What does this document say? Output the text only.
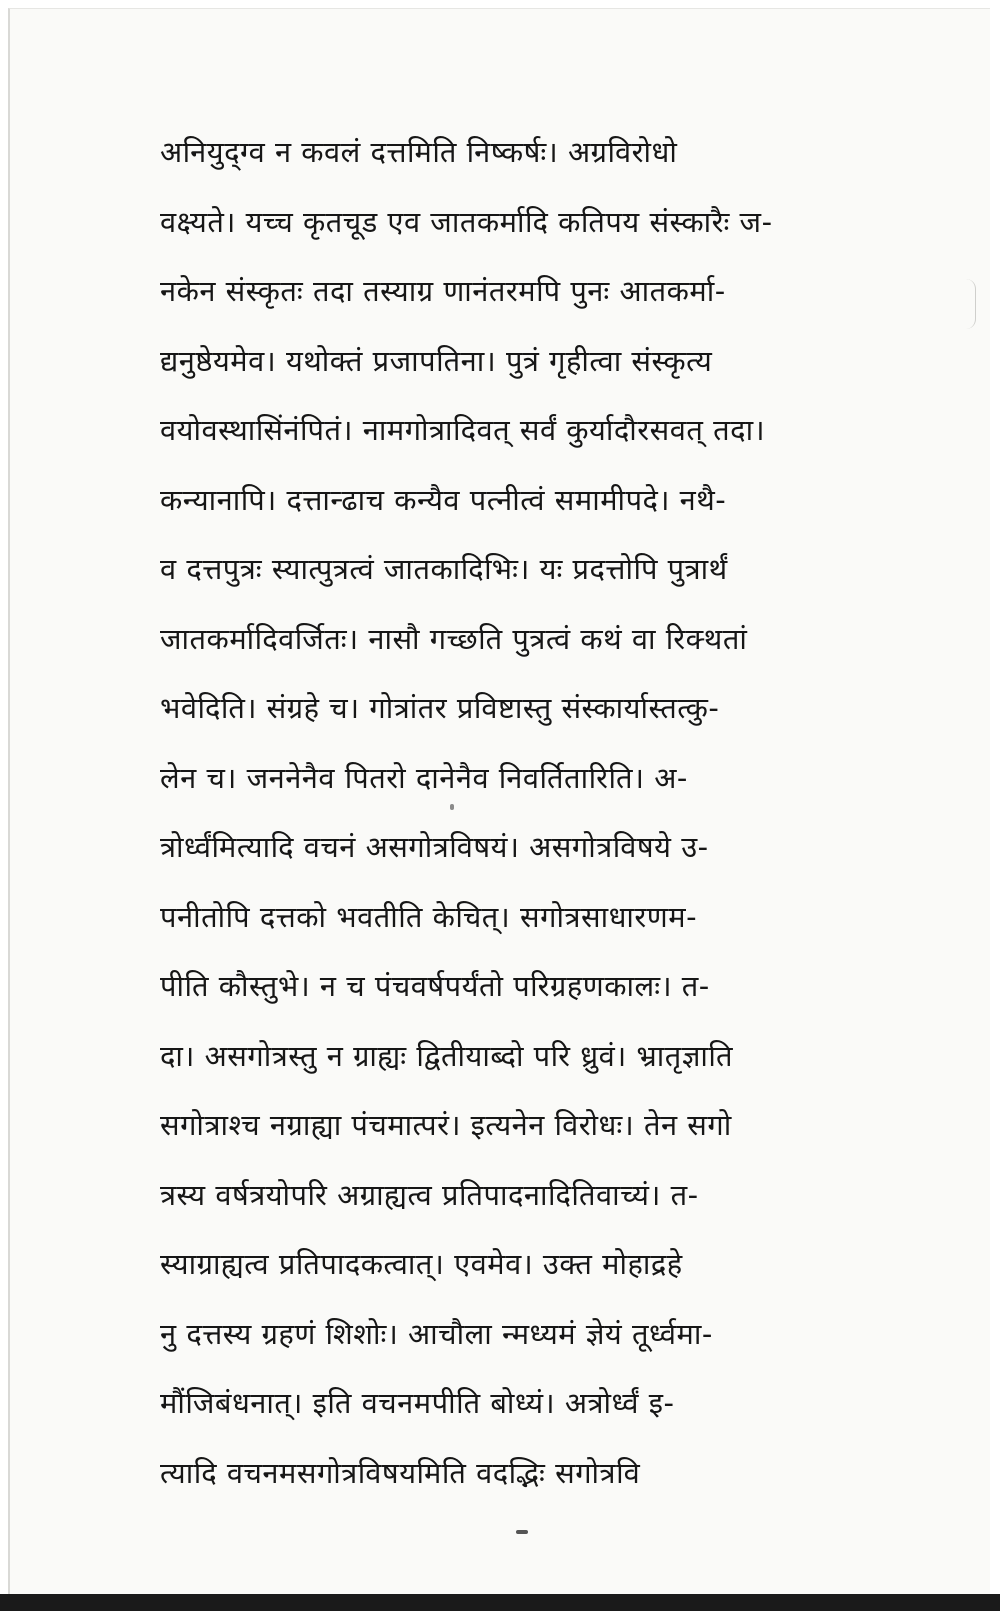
अनियुद्ग्व न कवलं दत्तमिति निष्कर्षः। अग्रविरोधो
वक्ष्यते। यच्च कृतचूड एव जातकर्मादि कतिपय संस्कारैः ज-
नकेन संस्कृतः तदा तस्याग्र णानंतरमपि पुनः आतकर्मा-
द्यनुष्ठेयमेव। यथोक्तं प्रजापतिना। पुत्रं गृहीत्वा संस्कृत्य
वयोवस्थासिंनंपितं। नामगोत्रादिवत् सर्वं कुर्यादौरसवत् तदा।
कन्यानापि। दत्तान्ढाच कन्यैव पत्नीत्वं समामीपदे। नथै-
व दत्तपुत्रः स्यात्पुत्रत्वं जातकादिभिः। यः प्रदत्तोपि पुत्रार्थं
जातकर्मादिवर्जितः। नासौ गच्छति पुत्रत्वं कथं वा रिक्थतां
भवेदिति। संग्रहे च। गोत्रांतर प्रविष्टास्तु संस्कार्यास्तत्कु-
लेन च। जननेनैव पितरो दानेनैव निवर्तितारिति। अ-
त्रोर्ध्वंमित्यादि वचनं असगोत्रविषयं। असगोत्रविषये उ-
पनीतोपि दत्तको भवतीति केचित्। सगोत्रसाधारणम-
पीति कौस्तुभे। न च पंचवर्षपर्यंतो परिग्रहणकालः। त-
दा। असगोत्रस्तु न ग्राह्यः द्वितीयाब्दो परि ध्रुवं। भ्रातृज्ञाति
सगोत्राश्च नग्राह्या पंचमात्परं। इत्यनेन विरोधः। तेन सगो
त्रस्य वर्षत्रयोपरि अग्राह्यत्व प्रतिपादनादितिवाच्यं। त-
स्याग्राह्यत्व प्रतिपादकत्वात्। एवमेव। उक्त मोहाद्रहे
नु दत्तस्य ग्रहणं शिशोः। आचौला न्मध्यमं ज्ञेयं तूर्ध्वमा-
मौंजिबंधनात्। इति वचनमपीति बोध्यं। अत्रोर्ध्वं इ-
त्यादि वचनमसगोत्रविषयमिति वदद्भिः सगोत्रवि
